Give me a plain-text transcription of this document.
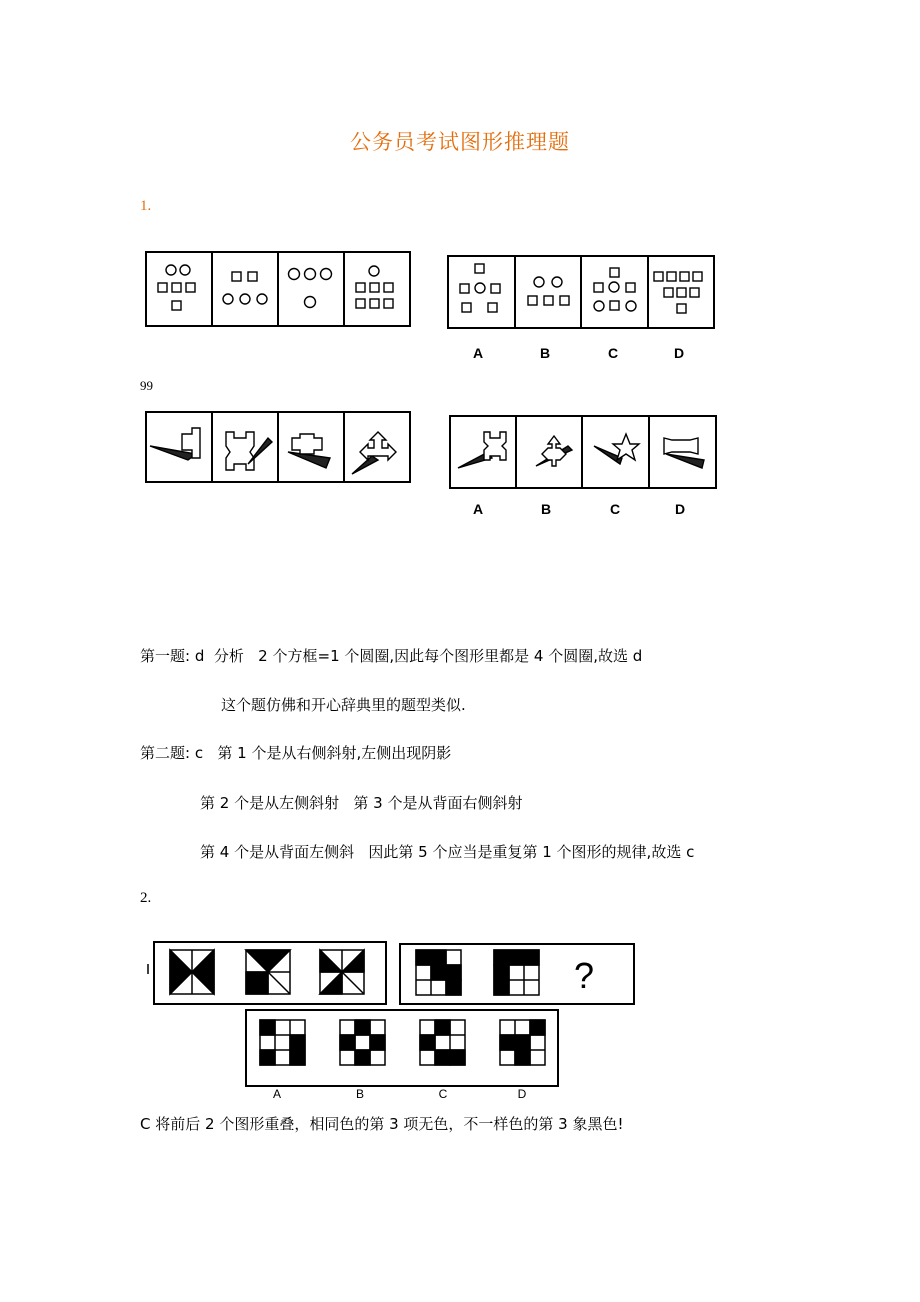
公务员考试图形推理题
1.
A	B	C	D
99
A	B	C	D
第一题: d  分析   2 个方框=1 个圆圈,因此每个图形里都是 4 个圆圈,故选 d
这个题仿佛和开心辞典里的题型类似.
第二题: c   第 1 个是从右侧斜射,左侧出现阴影
第 2 个是从左侧斜射   第 3 个是从背面右侧斜射
第 4 个是从背面左侧斜   因此第 5 个应当是重复第 1 个图形的规律,故选 c
2.
?
A	B	C	D
C 将前后 2 个图形重叠，相同色的第 3 项无色，不一样色的第 3 象黑色!
